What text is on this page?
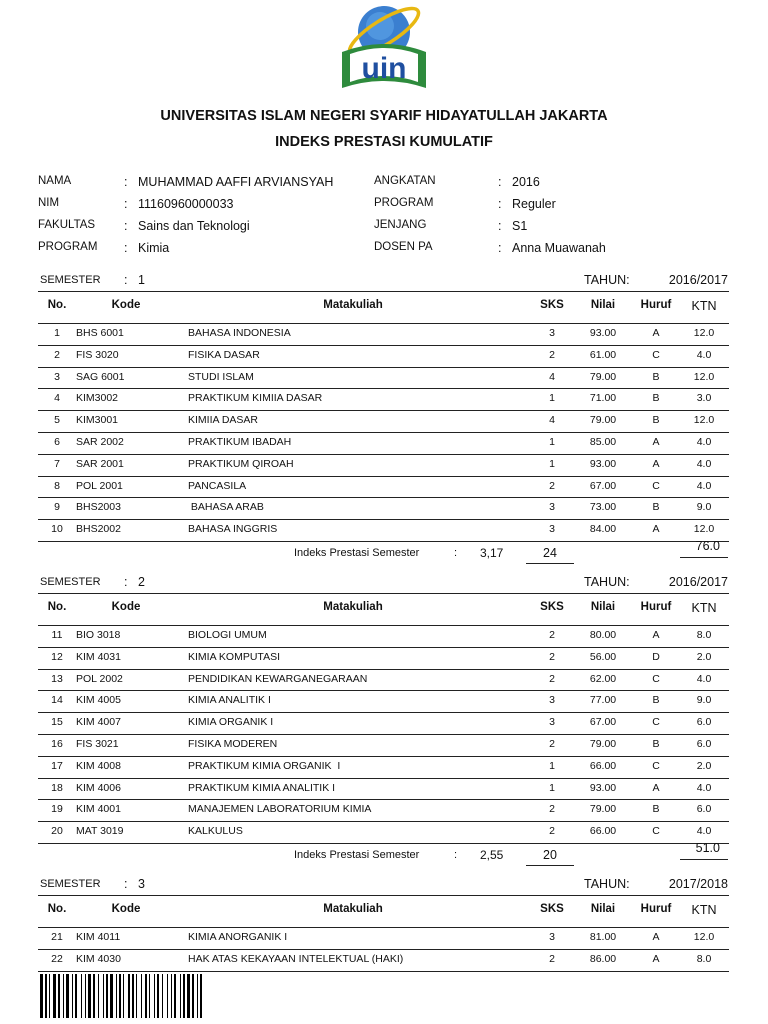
uin
UNIVERSITAS ISLAM NEGERI SYARIF HIDAYATULLAH JAKARTA
INDEKS PRESTASI KUMULATIF
NAMA	: MUHAMMAD AAFFI ARVIANSYAH
NIM	: 11160960000033
FAKULTAS : Sains dan Teknologi
PROGRAM : Kimia
ANGKATAN	: 2016
PROGRAM	: Reguler
JENJANG	: S1
DOSEN PA	: Anna Muawanah
SEMESTER : 1	TAHUN:	2016/2017
No.	Kode	Matakuliah	SKS	Nilai	Huruf	KTN
1	BHS 6001	BAHASA INDONESIA	3	93.00	A	12.0
2	FIS 3020	FISIKA DASAR	2	61.00	C	4.0
3	SAG 6001	STUDI ISLAM	4	79.00	B	12.0
4	KIM3002	PRAKTIKUM KIMIIA DASAR	1	71.00	B	3.0
5	KIM3001	KIMIIA DASAR	4	79.00	B	12.0
6	SAR 2002	PRAKTIKUM IBADAH	1	85.00	A	4.0
7	SAR 2001	PRAKTIKUM QIROAH	1	93.00	A	4.0
8	POL 2001	PANCASILA	2	67.00	C	4.0
9	BHS2003	BAHASA ARAB	3	73.00	B	9.0
10	BHS2002	BAHASA INGGRIS	3	84.00	A	12.0
Indeks Prestasi Semester	: 3,17	24	76.0
SEMESTER : 2	TAHUN:	2016/2017
No.	Kode	Matakuliah	SKS	Nilai	Huruf	KTN
11	BIO 3018	BIOLOGI UMUM	2	80.00	A	8.0
12	KIM 4031	KIMIA KOMPUTASI	2	56.00	D	2.0
13	POL 2002	PENDIDIKAN KEWARGANEGARAAN	2	62.00	C	4.0
14	KIM 4005	KIMIA ANALITIK I	3	77.00	B	9.0
15	KIM 4007	KIMIA ORGANIK I	3	67.00	C	6.0
16	FIS 3021	FISIKA MODEREN	2	79.00	B	6.0
17	KIM 4008	PRAKTIKUM KIMIA ORGANIK  I	1	66.00	C	2.0
18	KIM 4006	PRAKTIKUM KIMIA ANALITIK I	1	93.00	A	4.0
19	KIM 4001	MANAJEMEN LABORATORIUM KIMIA	2	79.00	B	6.0
20	MAT 3019	KALKULUS	2	66.00	C	4.0
Indeks Prestasi Semester	: 2,55	20	51.0
SEMESTER : 3	TAHUN:	2017/2018
No.	Kode	Matakuliah	SKS	Nilai	Huruf	KTN
21	KIM 4011	KIMIA ANORGANIK I	3	81.00	A	12.0
22	KIM 4030	HAK ATAS KEKAYAAN INTELEKTUAL (HAKI)	2	86.00	A	8.0
